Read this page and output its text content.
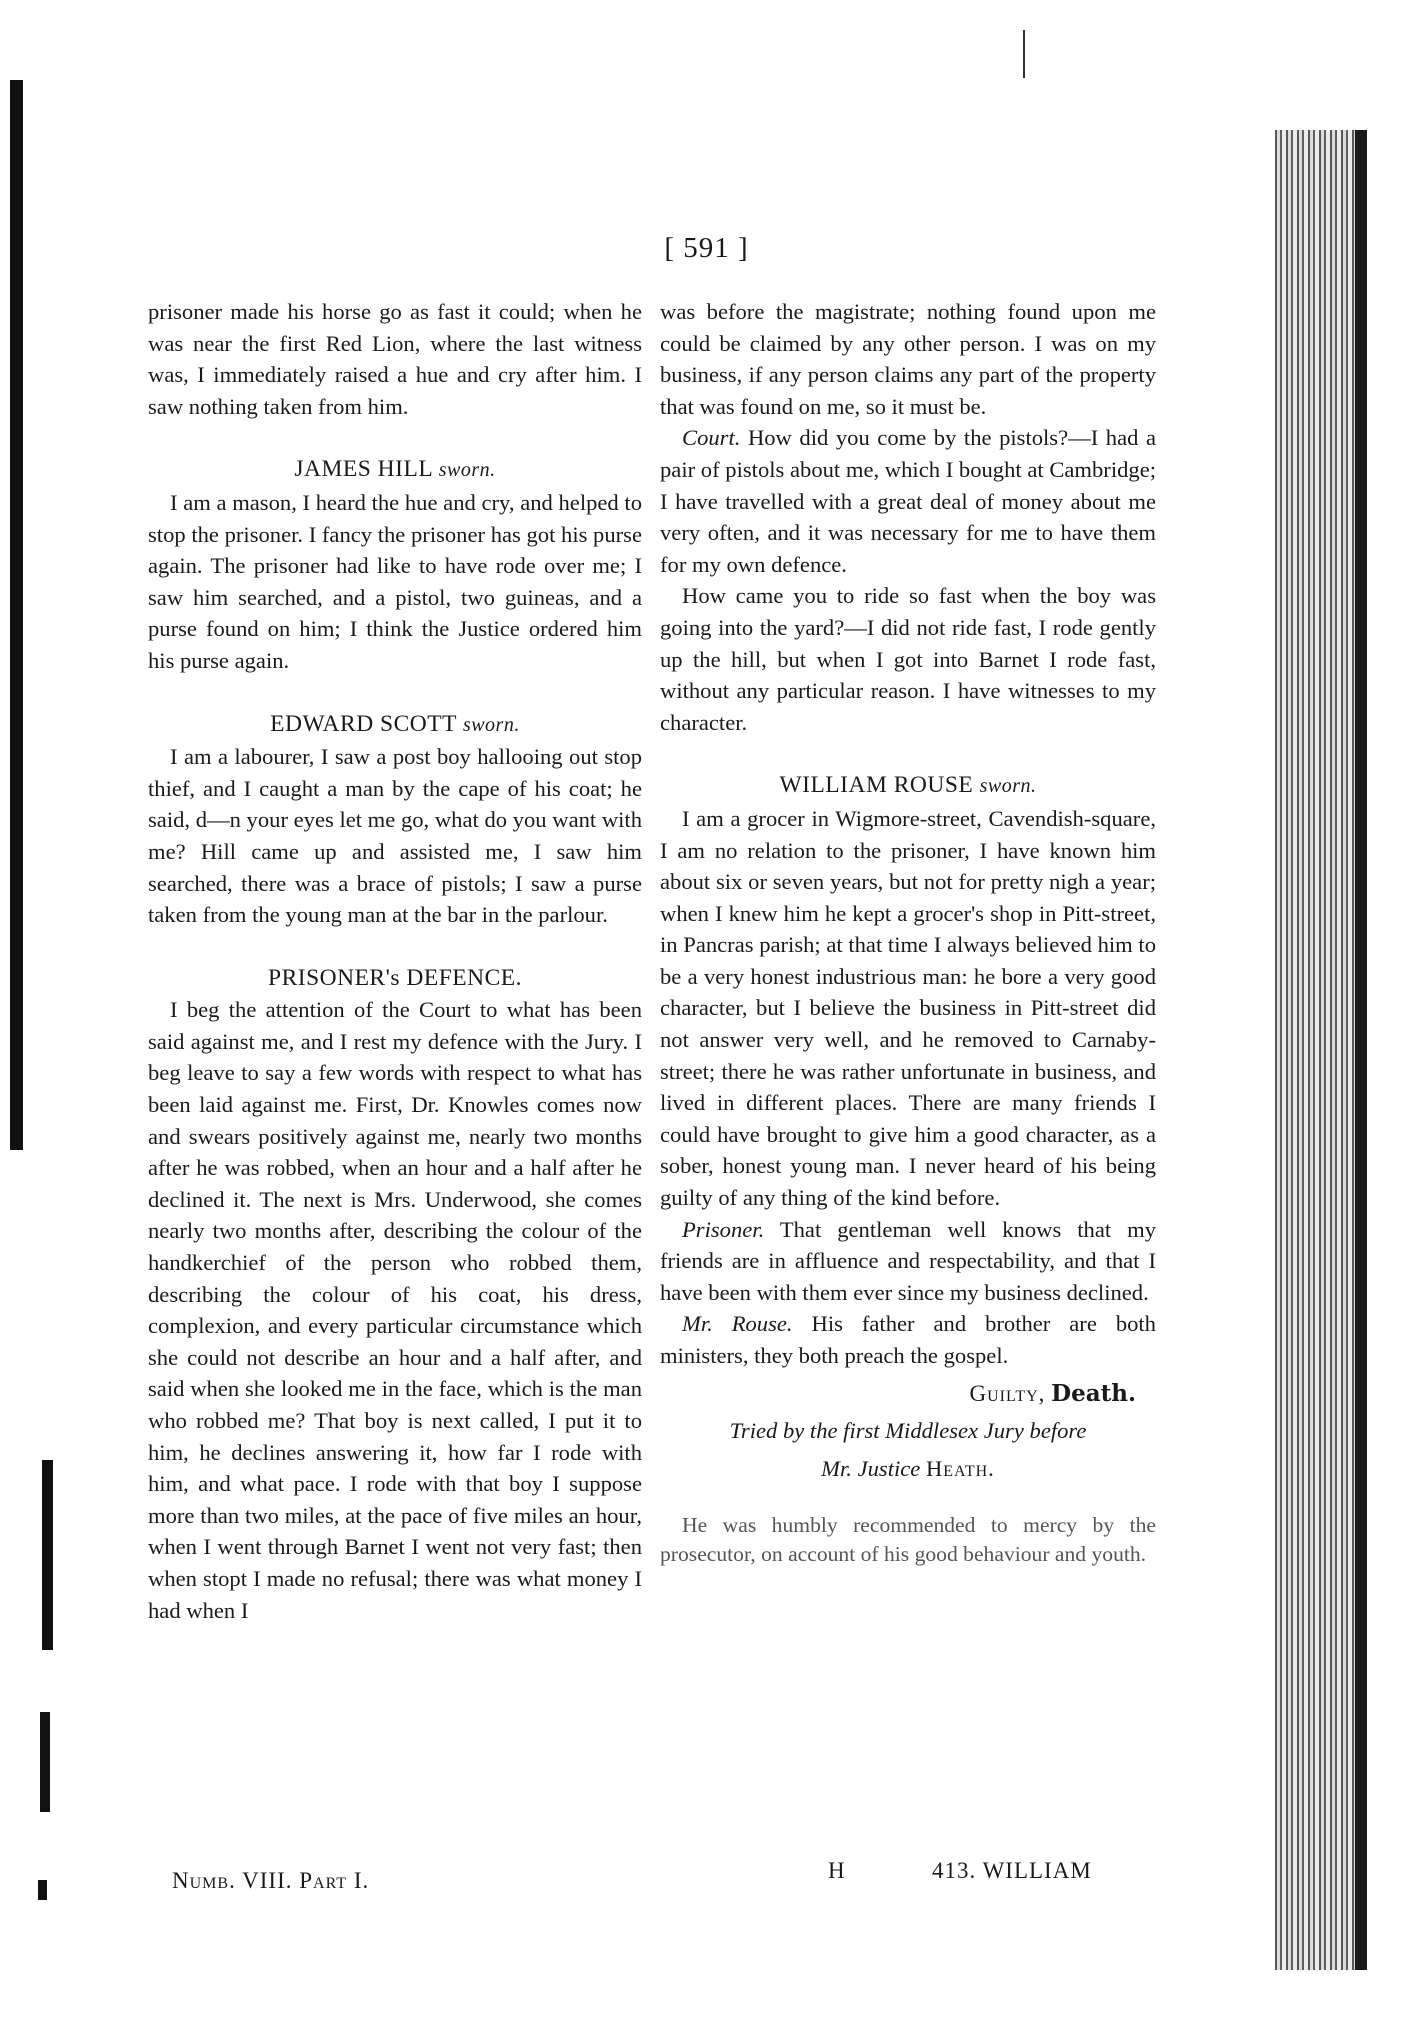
[ 591 ]

prisoner made his horse go as fast it could; when he was near the first Red Lion, where the last witness was, I immediately raised a hue and cry after him. I saw nothing taken from him.

JAMES HILL sworn.

I am a mason, I heard the hue and cry, and helped to stop the prisoner. I fancy the prisoner has got his purse again. The prisoner had like to have rode over me; I saw him searched, and a pistol, two guineas, and a purse found on him; I think the Justice ordered him his purse again.

EDWARD SCOTT sworn.

I am a labourer, I saw a post boy hallooing out stop thief, and I caught a man by the cape of his coat; he said, d—n your eyes let me go, what do you want with me? Hill came up and assisted me, I saw him searched, there was a brace of pistols; I saw a purse taken from the young man at the bar in the parlour.

PRISONER's DEFENCE.

I beg the attention of the Court to what has been said against me, and I rest my defence with the Jury. I beg leave to say a few words with respect to what has been laid against me. First, Dr. Knowles comes now and swears positively against me, nearly two months after he was robbed, when an hour and a half after he declined it. The next is Mrs. Underwood, she comes nearly two months after, describing the colour of the handkerchief of the person who robbed them, describing the colour of his coat, his dress, complexion, and every particular circumstance which she could not describe an hour and a half after, and said when she looked me in the face, which is the man who robbed me? That boy is next called, I put it to him, he declines answering it, how far I rode with him, and what pace. I rode with that boy I suppose more than two miles, at the pace of five miles an hour, when I went through Barnet I went not very fast; then when stopt I made no refusal; there was what money I had when I

was before the magistrate; nothing found upon me could be claimed by any other person. I was on my business, if any person claims any part of the property that was found on me, so it must be.

Court. How did you come by the pistols?—I had a pair of pistols about me, which I bought at Cambridge; I have travelled with a great deal of money about me very often, and it was necessary for me to have them for my own defence.

How came you to ride so fast when the boy was going into the yard?—I did not ride fast, I rode gently up the hill, but when I got into Barnet I rode fast, without any particular reason. I have witnesses to my character.

WILLIAM ROUSE sworn.

I am a grocer in Wigmore-street, Cavendish-square, I am no relation to the prisoner, I have known him about six or seven years, but not for pretty nigh a year; when I knew him he kept a grocer's shop in Pitt-street, in Pancras parish; at that time I always believed him to be a very honest industrious man: he bore a very good character, but I believe the business in Pitt-street did not answer very well, and he removed to Carnaby-street; there he was rather unfortunate in business, and lived in different places. There are many friends I could have brought to give him a good character, as a sober, honest young man. I never heard of his being guilty of any thing of the kind before.

Prisoner. That gentleman well knows that my friends are in affluence and respectability, and that I have been with them ever since my business declined.

Mr. Rouse. His father and brother are both ministers, they both preach the gospel.

Guilty, Death.
Tried by the first Middlesex Jury before
Mr. Justice Heath.

He was humbly recommended to mercy by the prosecutor, on account of his good behaviour and youth.

Numb. VIII. Part I.	H	413. WILLIAM
